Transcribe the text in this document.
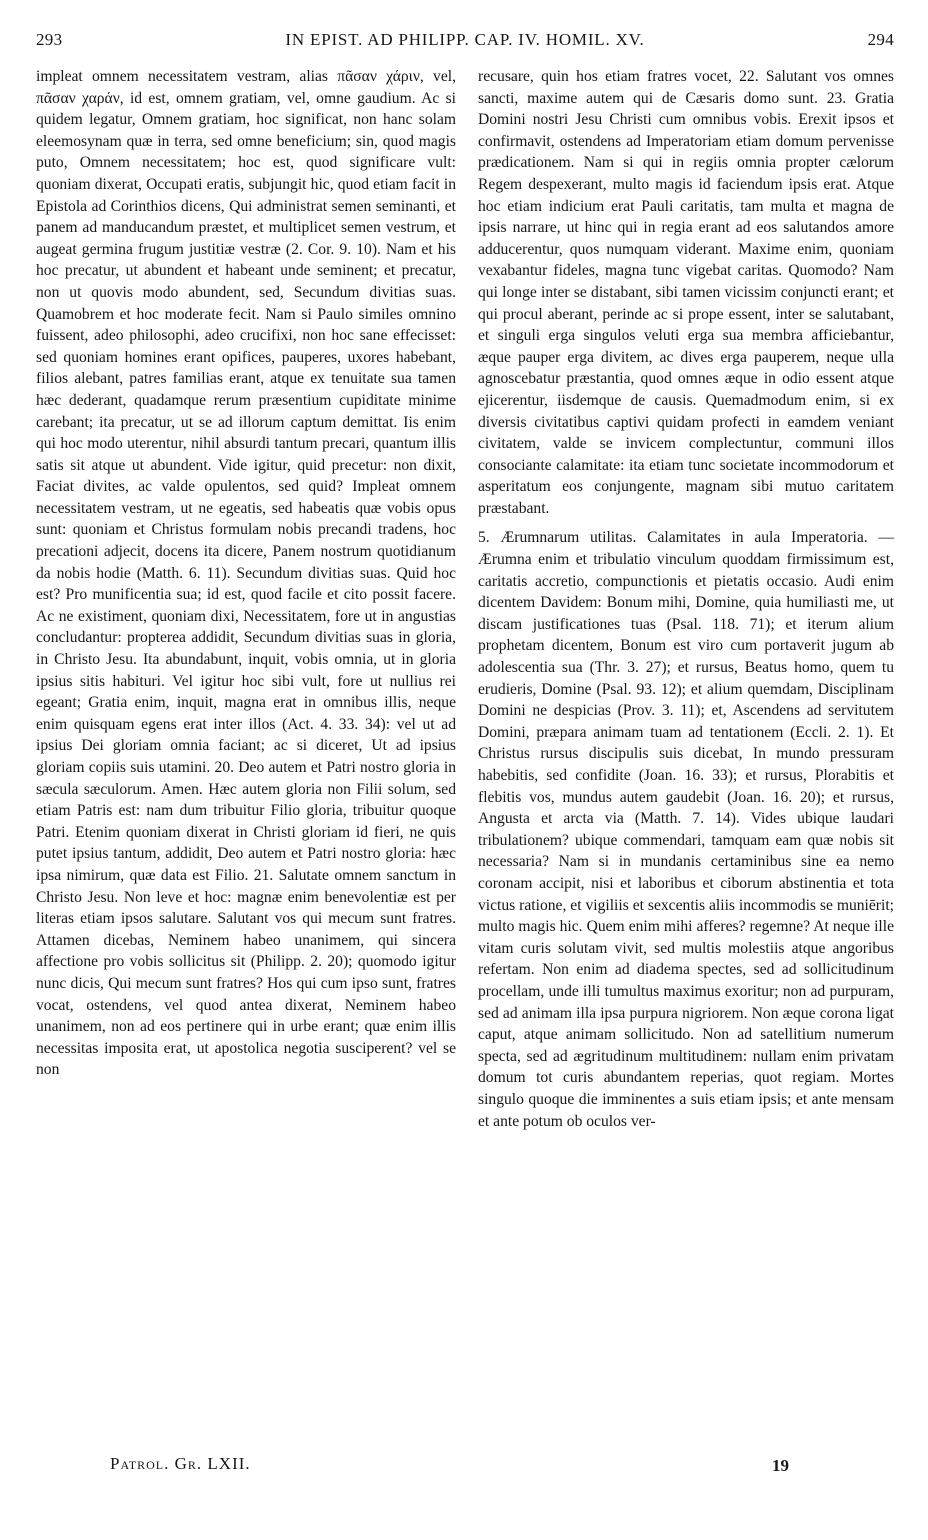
293	IN EPIST. AD PHILIPP. CAP. IV. HOMIL. XV.	294

impleat omnem necessitatem vestram, alias πᾶσαν χάριν, vel, πᾶσαν χαράν, id est, omnem gratiam, vel, omne gaudium. Ac si quidem legatur, Omnem gratiam, hoc significat, non hanc solam eleemosynam quæ in terra, sed omne beneficium; sin, quod magis puto, Omnem necessitatem; hoc est, quod significare vult: quoniam dixerat, Occupati eratis, subjungit hic, quod etiam facit in Epistola ad Corinthios dicens, Qui administrat semen seminanti, et panem ad manducandum præstet, et multiplicet semen vestrum, et augeat germina frugum justitiæ vestræ (2. Cor. 9. 10). Nam et his hoc precatur, ut abundent et habeant unde seminent; et precatur, non ut quovis modo abundent, sed, Secundum divitias suas. Quamobrem et hoc moderate fecit. Nam si Paulo similes omnino fuissent, adeo philosophi, adeo crucifixi, non hoc sane effecisset: sed quoniam homines erant opifices, pauperes, uxores habebant, filios alebant, patres familias erant, atque ex tenuitate sua tamen hæc dederant, quadamque rerum præsentium cupiditate minime carebant; ita precatur, ut se ad illorum captum demittat. Iis enim qui hoc modo uterentur, nihil absurdi tantum precari, quantum illis satis sit atque ut abundent. Vide igitur, quid precetur: non dixit, Faciat divites, ac valde opulentos, sed quid? Impleat omnem necessitatem vestram, ut ne egeatis, sed habeatis quæ vobis opus sunt: quoniam et Christus formulam nobis precandi tradens, hoc precationi adjecit, docens ita dicere, Panem nostrum quotidianum da nobis hodie (Matth. 6. 11). Secundum divitias suas. Quid hoc est? Pro munificentia sua; id est, quod facile et cito possit facere. Ac ne existiment, quoniam dixi, Necessitatem, fore ut in angustias concludantur: propterea addidit, Secundum divitias suas in gloria, in Christo Jesu. Ita abundabunt, inquit, vobis omnia, ut in gloria ipsius sitis habituri. Vel igitur hoc sibi vult, fore ut nullius rei egeant; Gratia enim, inquit, magna erat in omnibus illis, neque enim quisquam egens erat inter illos (Act. 4. 33. 34): vel ut ad ipsius Dei gloriam omnia faciant; ac si diceret, Ut ad ipsius gloriam copiis suis utamini. 20. Deo autem et Patri nostro gloria in sæcula sæculorum. Amen. Hæc autem gloria non Filii solum, sed etiam Patris est: nam dum tribuitur Filio gloria, tribuitur quoque Patri. Etenim quoniam dixerat in Christi gloriam id fieri, ne quis putet ipsius tantum, addidit, Deo autem et Patri nostro gloria: hæc ipsa nimirum, quæ data est Filio. 21. Salutate omnem sanctum in Christo Jesu. Non leve et hoc: magnæ enim benevolentiæ est per literas etiam ipsos salutare. Salutant vos qui mecum sunt fratres. Attamen dicebas, Neminem habeo unanimem, qui sincera affectione pro vobis sollicitus sit (Philipp. 2. 20); quomodo igitur nunc dicis, Qui mecum sunt fratres? Hos qui cum ipso sunt, fratres vocat, ostendens, vel quod antea dixerat, Neminem habeo unanimem, non ad eos pertinere qui in urbe erant; quæ enim illis necessitas imposita erat, ut apostolica negotia susciperent? vel se non

recusare, quin hos etiam fratres vocet, 22. Salutant vos omnes sancti, maxime autem qui de Cæsaris domo sunt. 23. Gratia Domini nostri Jesu Christi cum omnibus vobis. Erexit ipsos et confirmavit, ostendens ad Imperatoriam etiam domum pervenisse prædicationem. Nam si qui in regiis omnia propter cælorum Regem despexerant, multo magis id faciendum ipsis erat. Atque hoc etiam indicium erat Pauli caritatis, tam multa et magna de ipsis narrare, ut hinc qui in regia erant ad eos salutandos amore adducerentur, quos numquam viderant. Maxime enim, quoniam vexabantur fideles, magna tunc vigebat caritas. Quomodo? Nam qui longe inter se distabant, sibi tamen vicissim conjuncti erant; et qui procul aberant, perinde ac si prope essent, inter se salutabant, et singuli erga singulos veluti erga sua membra afficiebantur, æque pauper erga divitem, ac dives erga pauperem, neque ulla agnoscebatur præstantia, quod omnes æque in odio essent atque ejicerentur, iisdemque de causis. Quemadmodum enim, si ex diversis civitatibus captivi quidam profecti in eamdem veniant civitatem, valde se invicem complectuntur, communi illos consociante calamitate: ita etiam tunc societate incommodorum et asperitatum eos conjungente, magnam sibi mutuo caritatem præstabant.

5. Ærumnarum utilitas. Calamitates in aula Imperatoria. — Ærumna enim et tribulatio vinculum quoddam firmissimum est, caritatis accretio, compunctionis et pietatis occasio. Audi enim dicentem Davidem: Bonum mihi, Domine, quia humiliasti me, ut discam justificationes tuas (Psal. 118. 71); et iterum alium prophetam dicentem, Bonum est viro cum portaverit jugum ab adolescentia sua (Thr. 3. 27); et rursus, Beatus homo, quem tu erudieris, Domine (Psal. 93. 12); et alium quemdam, Disciplinam Domini ne despicias (Prov. 3. 11); et, Ascendens ad servitutem Domini, præpara animam tuam ad tentationem (Eccli. 2. 1). Et Christus rursus discipulis suis dicebat, In mundo pressuram habebitis, sed confidite (Joan. 16. 33); et rursus, Plorabitis et flebitis vos, mundus autem gaudebit (Joan. 16. 20); et rursus, Angusta et arcta via (Matth. 7. 14). Vides ubique laudari tribulationem? ubique commendari, tamquam eam quæ nobis sit necessaria? Nam si in mundanis certaminibus sine ea nemo coronam accipit, nisi et laboribus et ciborum abstinentia et tota victus ratione, et vigiliis et sexcentis aliis incommodis se muniērit; multo magis hic. Quem enim mihi afferes? regemne? At neque ille vitam curis solutam vivit, sed multis molestiis atque angoribus refertam. Non enim ad diadema spectes, sed ad sollicitudinum procellam, unde illi tumultus maximus exoritur; non ad purpuram, sed ad animam illa ipsa purpura nigriorem. Non æque corona ligat caput, atque animam sollicitudo. Non ad satellitium numerum specta, sed ad ægritudinum multitudinem: nullam enim privatam domum tot curis abundantem reperias, quot regiam. Mortes singulo quoque die imminentes a suis etiam ipsis; et ante mensam et ante potum ob oculos ver-

Patrol. Gr. LXII.	19
